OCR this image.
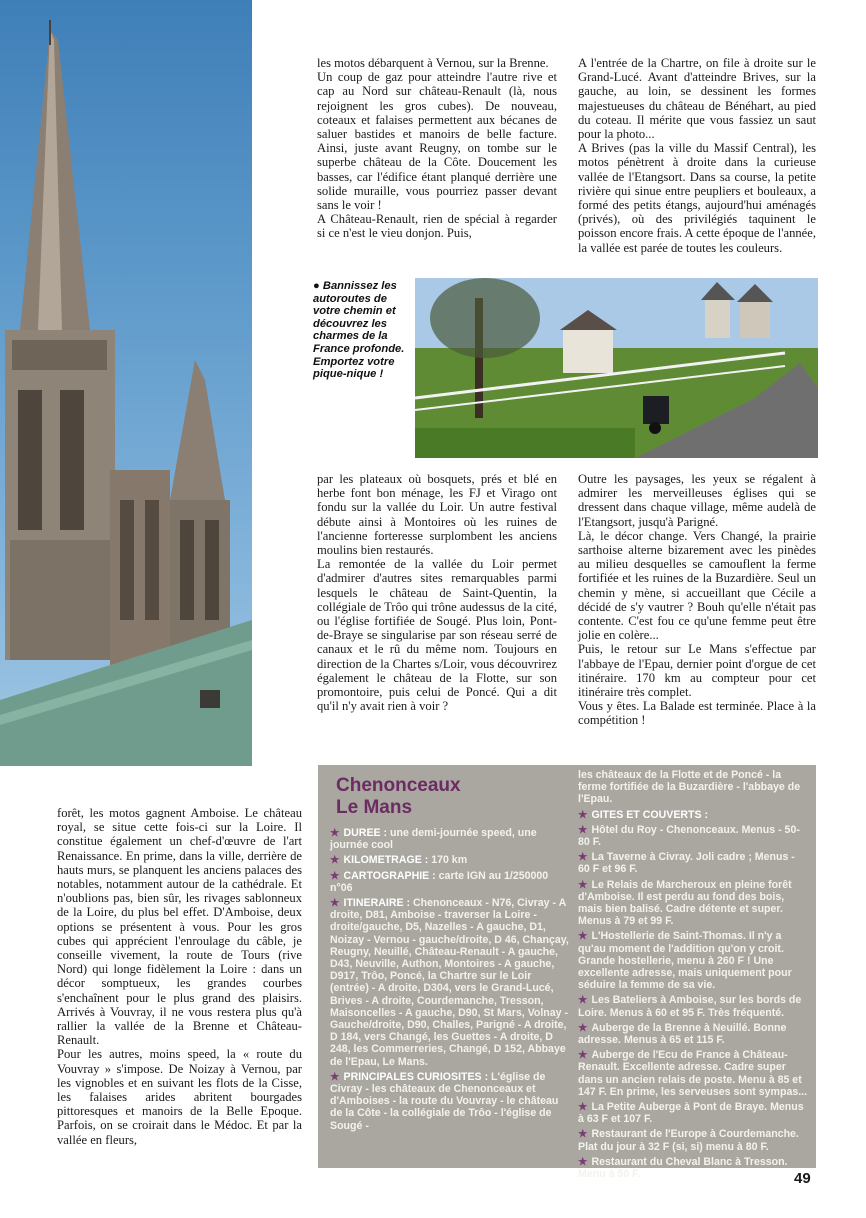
les motos débarquent à Vernou, sur la Brenne.

Un coup de gaz pour atteindre l'autre rive et cap au Nord sur château-Renault (là, nous rejoignent les gros cubes). De nouveau, coteaux et falaises permettent aux bécanes de saluer bastides et manoirs de belle facture. Ainsi, juste avant Reugny, on tombe sur le superbe château de la Côte. Doucement les basses, car l'édifice étant planqué derrière une solide muraille, vous pourriez passer devant sans le voir !

A Château-Renault, rien de spécial à regarder si ce n'est le vieu donjon. Puis,

A l'entrée de la Chartre, on file à droite sur le Grand-Lucé. Avant d'atteindre Brives, sur la gauche, au loin, se dessinent les formes majestueuses du château de Bénéhart, au pied du coteau. Il mérite que vous fassiez un saut pour la photo...

A Brives (pas la ville du Massif Central), les motos pénètrent à droite dans la curieuse vallée de l'Etangsort. Dans sa course, la petite rivière qui sinue entre peupliers et bouleaux, a formé des petits étangs, aujourd'hui aménagés (privés), où des privilégiés taquinent le poisson encore frais. A cette époque de l'année, la vallée est parée de toutes les couleurs.

● Bannissez les autoroutes de votre chemin et découvrez les charmes de la France profonde. Emportez votre pique-nique !

par les plateaux où bosquets, prés et blé en herbe font bon ménage, les FJ et Virago ont fondu sur la vallée du Loir. Un autre festival débute ainsi à Montoires où les ruines de l'ancienne forteresse surplombent les anciens moulins bien restaurés.

La remontée de la vallée du Loir permet d'admirer d'autres sites remarquables parmi lesquels le château de Saint-Quentin, la collégiale de Trôo qui trône audessus de la cité, ou l'église fortifiée de Sougé. Plus loin, Pont-de-Braye se singularise par son réseau serré de canaux et le rû du même nom. Toujours en direction de la Chartes s/Loir, vous découvrirez également le château de la Flotte, sur son promontoire, puis celui de Poncé. Qui a dit qu'il n'y avait rien à voir ?

Outre les paysages, les yeux se régalent à admirer les merveilleuses églises qui se dressent dans chaque village, même audelà de l'Etangsort, jusqu'à Parigné.

Là, le décor change. Vers Changé, la prairie sarthoise alterne bizarement avec les pinèdes au milieu desquelles se camouflent la ferme fortifiée et les ruines de la Buzardière. Seul un chemin y mène, si accueillant que Cécile a décidé de s'y vautrer ? Bouh qu'elle n'était pas contente. C'est fou ce qu'une femme peut être jolie en colère...

Puis, le retour sur Le Mans s'effectue par l'abbaye de l'Epau, dernier point d'orgue de cet itinéraire. 170 km au compteur pour cet itinéraire très complet.

Vous y êtes. La Balade est terminée. Place à la compétition !

forêt, les motos gagnent Amboise. Le château royal, se situe cette fois-ci sur la Loire. Il constitue également un chef-d'œuvre de l'art Renaissance. En prime, dans la ville, derrière de hauts murs, se planquent les anciens palaces des notables, notamment autour de la cathédrale. Et n'oublions pas, bien sûr, les rivages sablonneux de la Loire, du plus bel effet. D'Amboise, deux options se présentent à vous. Pour les gros cubes qui apprécient l'enroulage du câble, je conseille vivement, la route de Tours (rive Nord) qui longe fidèlement la Loire : dans un décor somptueux, les grandes courbes s'enchaînent pour le plus grand des plaisirs. Arrivés à Vouvray, il ne vous restera plus qu'à rallier la vallée de la Brenne et Château-Renault.

Pour les autres, moins speed, la « route du Vouvray » s'impose. De Noizay à Vernou, par les vignobles et en suivant les flots de la Cisse, les falaises arides abritent bourgades pittoresques et manoirs de la Belle Epoque. Parfois, on se croirait dans le Médoc. Et par la vallée en fleurs,

Chenonceaux
Le Mans

★ DUREE : une demi-journée speed, une journée cool

★ KILOMETRAGE : 170 km

★ CARTOGRAPHIE : carte IGN au 1/250000 n°06

★ ITINERAIRE : Chenonceaux - N76, Civray - A droite, D81, Amboise - traverser la Loire - droite/gauche, D5, Nazelles - A gauche, D1, Noizay - Vernou - gauche/droite, D 46, Chançay, Reugny, Neuillé, Château-Renault - A gauche, D43, Neuville, Authon, Montoires - A gauche, D917, Trôo, Poncé, la Chartre sur le Loir (entrée) - A droite, D304, vers le Grand-Lucé, Brives - A droite, Courdemanche, Tresson, Maisoncelles - A gauche, D90, St Mars, Volnay - Gauche/droite, D90, Challes, Parigné - A droite, D 184, vers Changé, les Guettes - A droite, D 248, les Commerreries, Changé, D 152, Abbaye de l'Epau, Le Mans.

★ PRINCIPALES CURIOSITES : L'église de Civray - les châteaux de Chenonceaux et d'Amboises - la route du Vouvray - le château de la Côte - la collégiale de Trôo - l'église de Sougé -

les châteaux de la Flotte et de Poncé - la ferme fortifiée de la Buzardière - l'abbaye de l'Epau.

★ GITES ET COUVERTS :

★ Hôtel du Roy - Chenonceaux. Menus - 50-80 F.

★ La Taverne à Civray. Joli cadre ; Menus - 60 F et 96 F.

★ Le Relais de Marcheroux en pleine forêt d'Amboise. Il est perdu au fond des bois, mais bien balisé. Cadre détente et super. Menus à 79 et 99 F.

★ L'Hostellerie de Saint-Thomas. Il n'y a qu'au moment de l'addition qu'on y croit. Grande hostellerie, menu à 260 F ! Une excellente adresse, mais uniquement pour séduire la femme de sa vie.

★ Les Bateliers à Amboise, sur les bords de Loire. Menus à 60 et 95 F. Très fréquenté.

★ Auberge de la Brenne à Neuillé. Bonne adresse. Menus à 65 et 115 F.

★ Auberge de l'Ecu de France à Château-Renault. Excellente adresse. Cadre super dans un ancien relais de poste. Menu à 85 et 147 F. En prime, les serveuses sont sympas...

★ La Petite Auberge à Pont de Braye. Menus à 63 F et 107 F.

★ Restaurant de l'Europe à Courdemanche. Plat du jour à 32 F (si, si) menu à 80 F.

★ Restaurant du Cheval Blanc à Tresson. Menu à 50 F.	49
